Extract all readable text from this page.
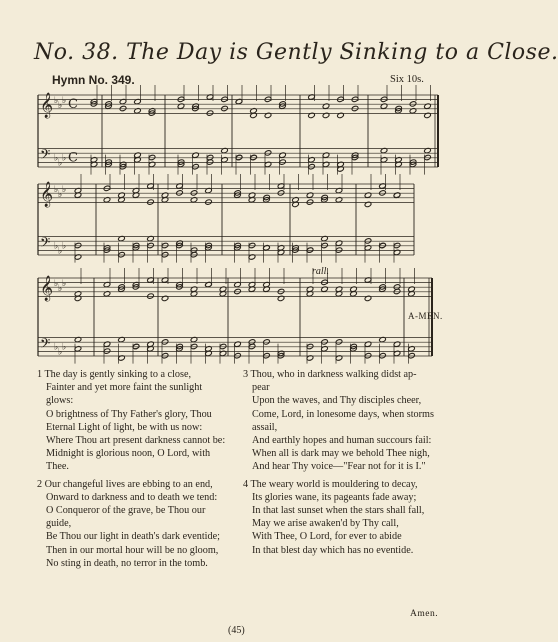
No. 38. The Day is Gently Sinking to a Close.
Hymn No. 349.	Six 10s.
𝄞 ♭ ♭ ♭ C
𝄢 ♭ ♭ ♭ C
𝄞 ♭ ♭ ♭
𝄢 ♭ ♭ ♭
𝄞 ♭ ♭ ♭
𝄢 ♭ ♭ ♭
rall.
A-MEN.
1 The day is gently sinking to a close,
Fainter and yet more faint the sunlight
glows:
O brightness of Thy Father's glory, Thou
Eternal Light of light, be with us now:
Where Thou art present darkness cannot be:
Midnight is glorious noon, O Lord, with
Thee.
2 Our changeful lives are ebbing to an end,
Onward to darkness and to death we tend:
O Conqueror of the grave, be Thou our
guide,
Be Thou our light in death's dark eventide;
Then in our mortal hour will be no gloom,
No sting in death, no terror in the tomb.
3 Thou, who in darkness walking didst ap-
pear
Upon the waves, and Thy disciples cheer,
Come, Lord, in lonesome days, when storms
assail,
And earthly hopes and human succours fail:
When all is dark may we behold Thee nigh,
And hear Thy voice—"Fear not for it is I."
4 The weary world is mouldering to decay,
Its glories wane, its pageants fade away;
In that last sunset when the stars shall fall,
May we arise awaken'd by Thy call,
With Thee, O Lord, for ever to abide
In that blest day which has no eventide.
Amen.
(45)
